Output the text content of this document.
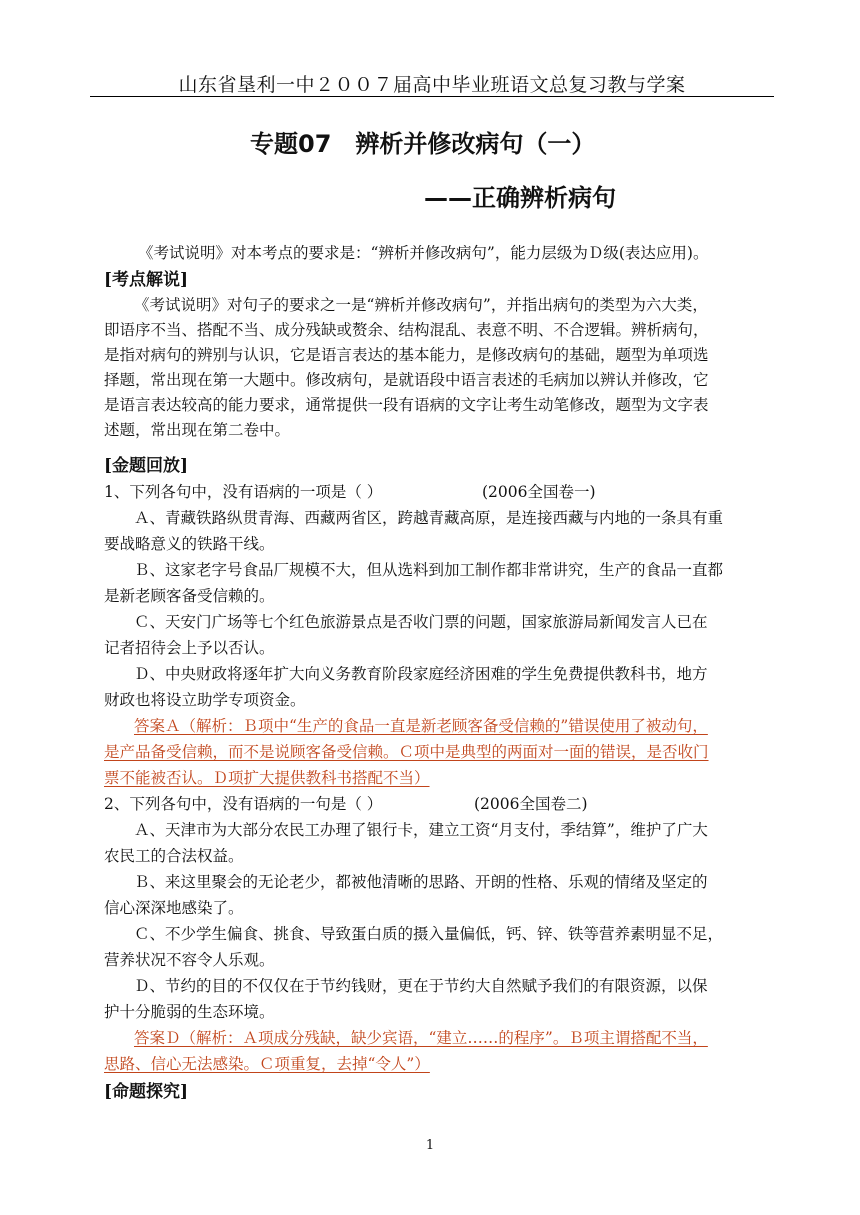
山东省垦利一中２００７届高中毕业班语文总复习教与学案
专题07　辨析并修改病句（一）
——正确辨析病句
《考试说明》对本考点的要求是：“辨析并修改病句”，能力层级为Ｄ级(表达应用)。
[考点解说]
《考试说明》对句子的要求之一是“辨析并修改病句”，并指出病句的类型为六大类，
即语序不当、搭配不当、成分残缺或赘余、结构混乱、表意不明、不合逻辑。辨析病句，
是指对病句的辨别与认识，它是语言表达的基本能力，是修改病句的基础，题型为单项选
择题，常出现在第一大题中。修改病句，是就语段中语言表述的毛病加以辨认并修改，它
是语言表达较高的能力要求，通常提供一段有语病的文字让考生动笔修改，题型为文字表
述题，常出现在第二卷中。
[金题回放]
1、下列各句中，没有语病的一项是（ ）	(2006全国卷一)
Ａ、青藏铁路纵贯青海、西藏两省区，跨越青藏高原，是连接西藏与内地的一条具有重
要战略意义的铁路干线。
Ｂ、这家老字号食品厂规模不大，但从选料到加工制作都非常讲究，生产的食品一直都
是新老顾客备受信赖的。
Ｃ、天安门广场等七个红色旅游景点是否收门票的问题，国家旅游局新闻发言人已在
记者招待会上予以否认。
Ｄ、中央财政将逐年扩大向义务教育阶段家庭经济困难的学生免费提供教科书，地方
财政也将设立助学专项资金。
答案Ａ（解析：Ｂ项中“生产的食品一直是新老顾客备受信赖的”错误使用了被动句，
是产品备受信赖，而不是说顾客备受信赖。Ｃ项中是典型的两面对一面的错误，是否收门
票不能被否认。Ｄ项扩大提供教科书搭配不当）
2、下列各句中，没有语病的一句是（ ）	(2006全国卷二)
Ａ、天津市为大部分农民工办理了银行卡，建立工资“月支付，季结算”，维护了广大
农民工的合法权益。
Ｂ、来这里聚会的无论老少，都被他清晰的思路、开朗的性格、乐观的情绪及坚定的
信心深深地感染了。
Ｃ、不少学生偏食、挑食、导致蛋白质的摄入量偏低，钙、锌、铁等营养素明显不足，
营养状况不容令人乐观。
Ｄ、节约的目的不仅仅在于节约钱财，更在于节约大自然赋予我们的有限资源，以保
护十分脆弱的生态环境。
答案Ｄ（解析：Ａ项成分残缺，缺少宾语，“建立……的程序”。Ｂ项主谓搭配不当，
思路、信心无法感染。Ｃ项重复，去掉“令人”）
[命题探究]
1
